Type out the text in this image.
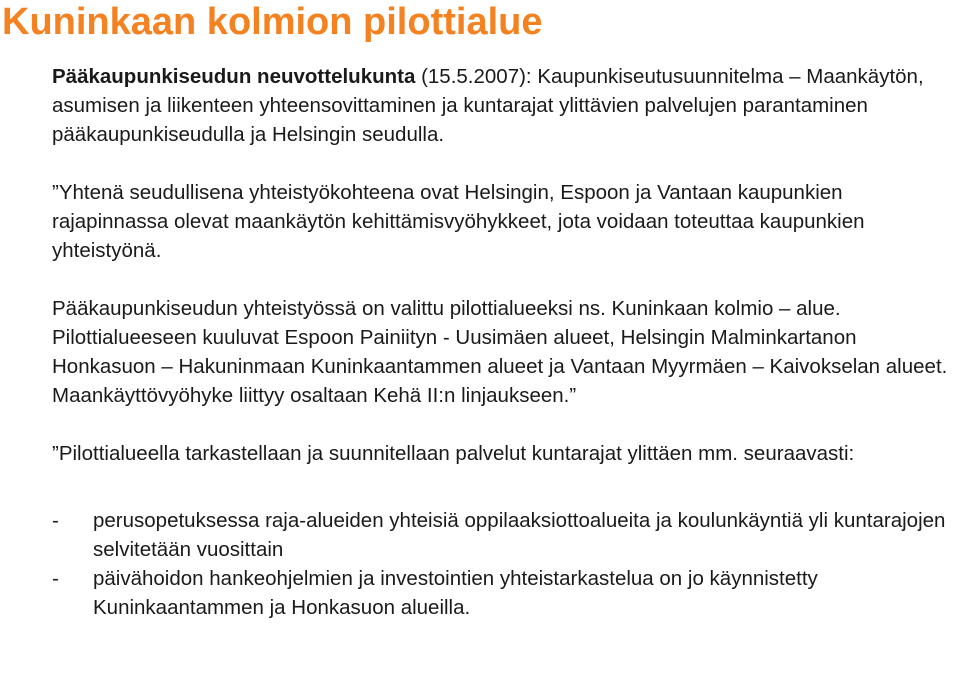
Kuninkaan kolmion pilottialue

Pääkaupunkiseudun neuvottelukunta (15.5.2007): Kaupunkiseutusuunnitelma – Maankäytön, asumisen ja liikenteen yhteensovittaminen ja kuntarajat ylittävien palvelujen parantaminen pääkaupunkiseudulla ja Helsingin seudulla.

”Yhtenä seudullisena yhteistyökohteena ovat Helsingin, Espoon ja Vantaan kaupunkien rajapinnassa olevat maankäytön kehittämisvyöhykkeet, jota voidaan toteuttaa kaupunkien yhteistyönä.

Pääkaupunkiseudun yhteistyössä on valittu pilottialueeksi ns. Kuninkaan kolmio – alue. Pilottialueeseen kuuluvat Espoon Painiityn - Uusimäen alueet, Helsingin Malminkartanon Honkasuon – Hakuninmaan Kuninkaantammen alueet ja Vantaan Myyrmäen – Kaivokselan alueet. Maankäyttövyöhyke liittyy osaltaan Kehä II:n linjaukseen.”

”Pilottialueella tarkastellaan ja suunnitellaan palvelut kuntarajat ylittäen mm. seuraavasti:

- perusopetuksessa raja-alueiden yhteisiä oppilaaksiottoalueita ja koulunkäyntiä yli kuntarajojen selvitetään vuosittain
- päivähoidon hankeohjelmien ja investointien yhteistarkastelua on jo käynnistetty Kuninkaantammen ja Honkasuon alueilla.
